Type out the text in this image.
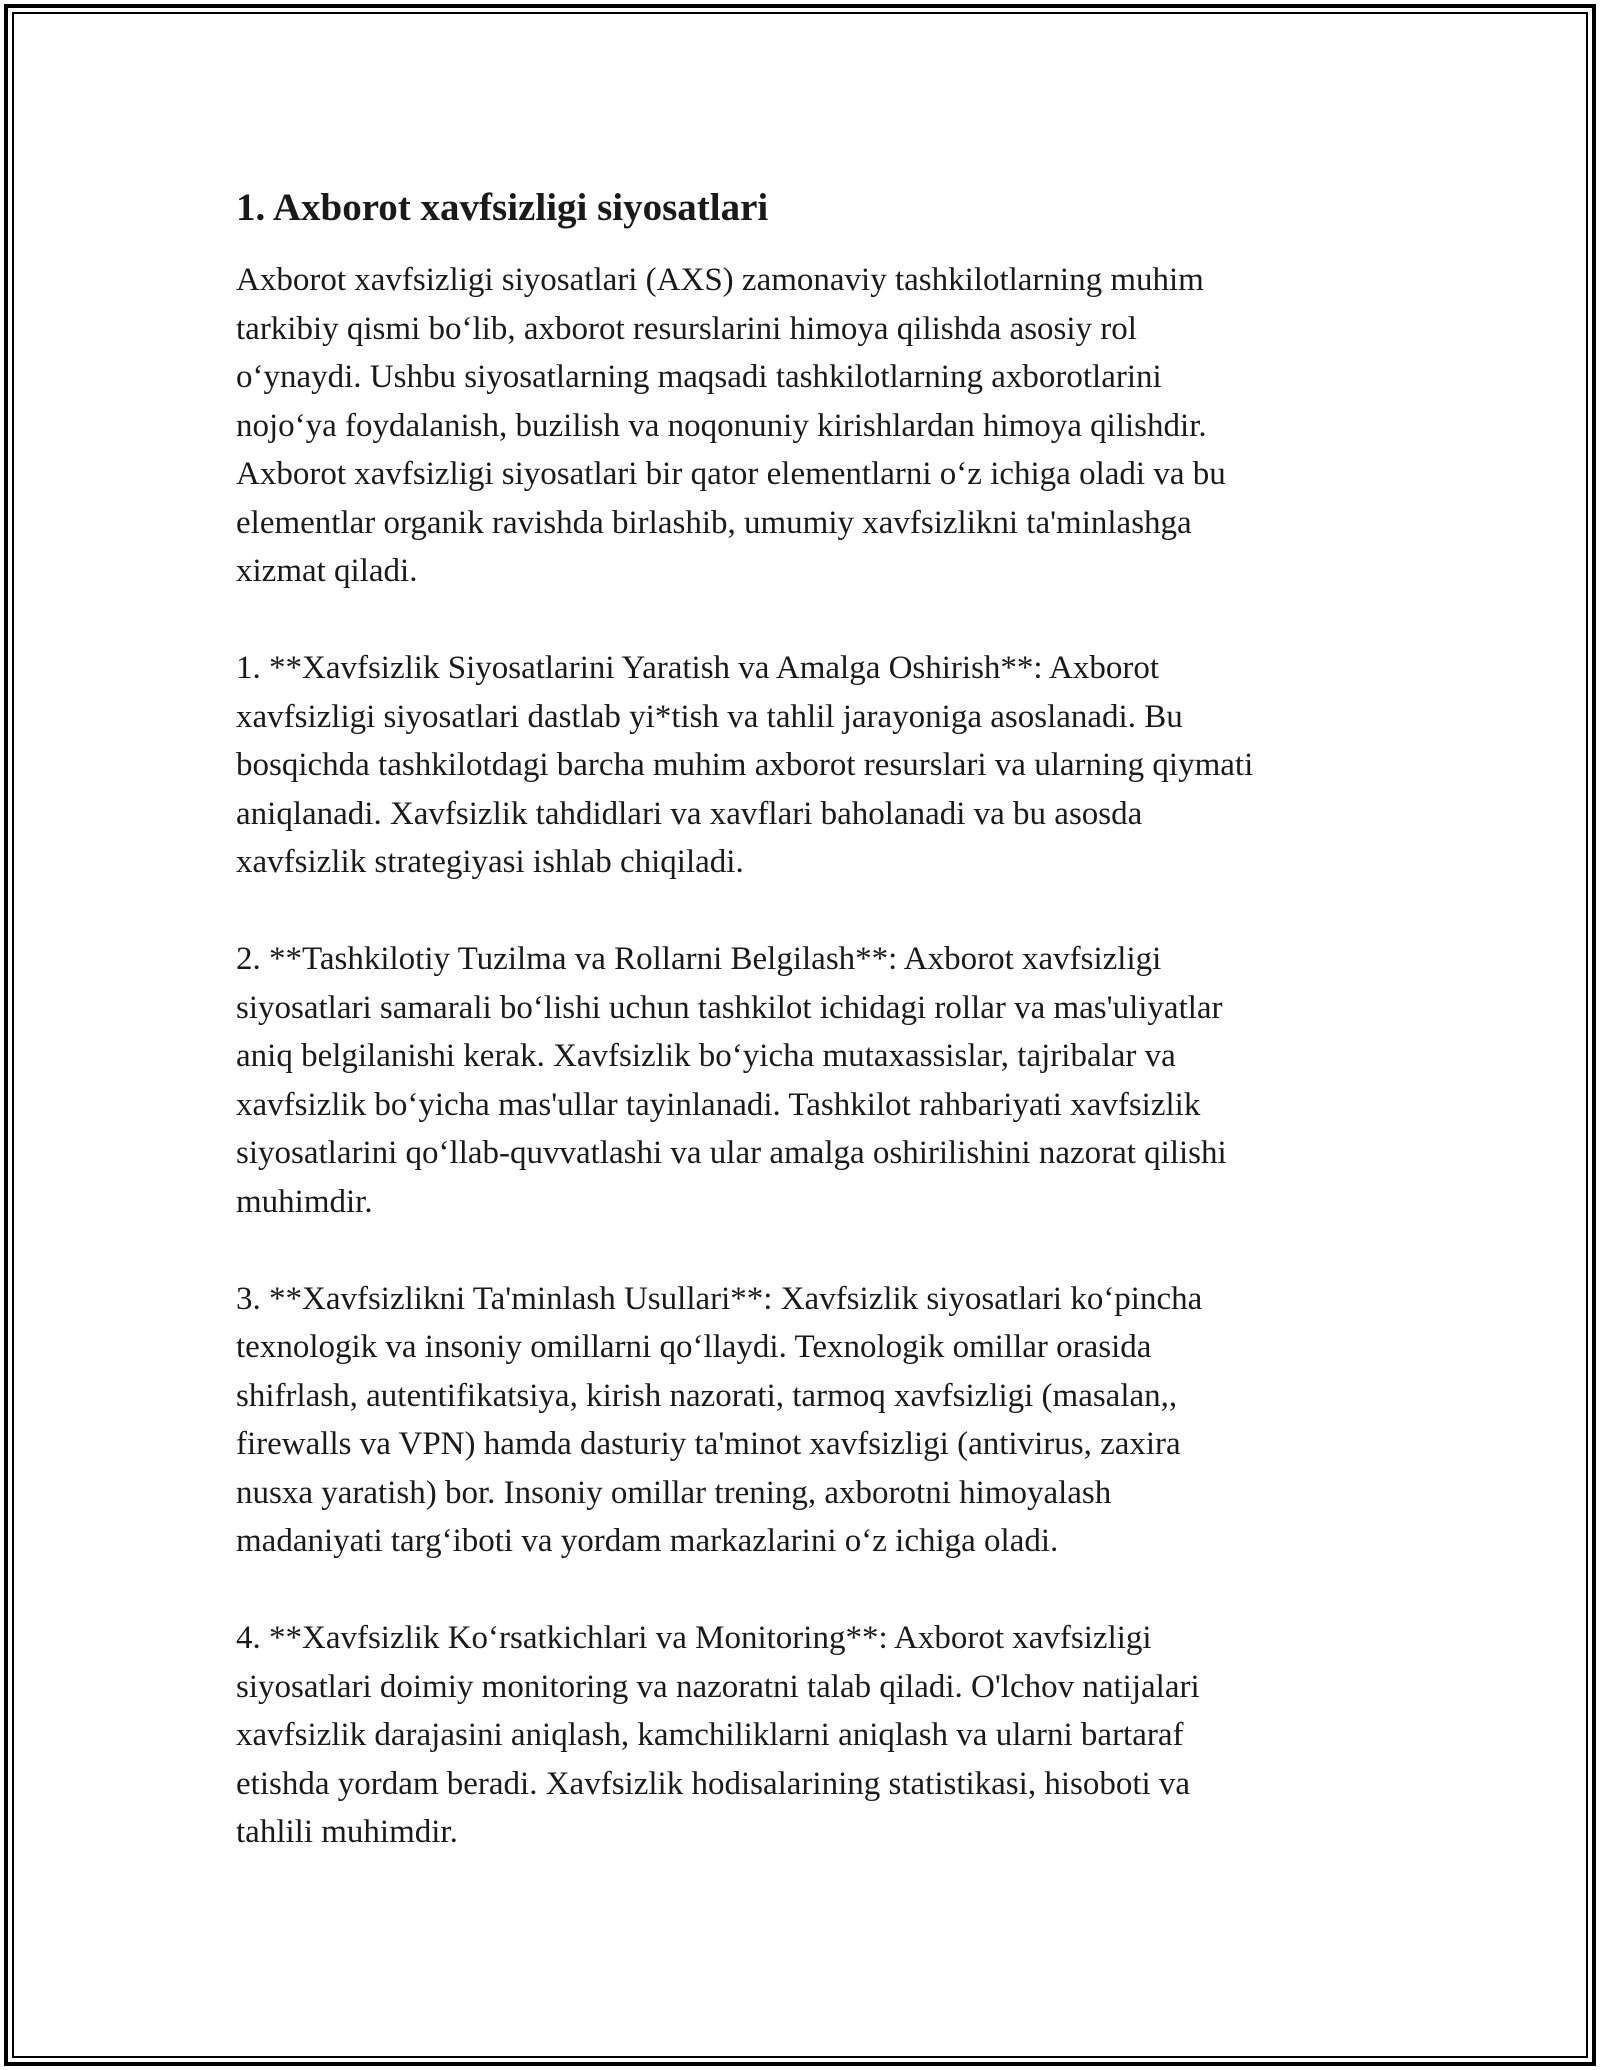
1. Axborot xavfsizligi siyosatlari

Axborot xavfsizligi siyosatlari (AXS) zamonaviy tashkilotlarning muhim
tarkibiy qismi bo‘lib, axborot resurslarini himoya qilishda asosiy rol
o‘ynaydi. Ushbu siyosatlarning maqsadi tashkilotlarning axborotlarini
nojo‘ya foydalanish, buzilish va noqonuniy kirishlardan himoya qilishdir.
Axborot xavfsizligi siyosatlari bir qator elementlarni o‘z ichiga oladi va bu
elementlar organik ravishda birlashib, umumiy xavfsizlikni ta'minlashga
xizmat qiladi.

1. **Xavfsizlik Siyosatlarini Yaratish va Amalga Oshirish**: Axborot
xavfsizligi siyosatlari dastlab yi*tish va tahlil jarayoniga asoslanadi. Bu
bosqichda tashkilotdagi barcha muhim axborot resurslari va ularning qiymati
aniqlanadi. Xavfsizlik tahdidlari va xavflari baholanadi va bu asosda
xavfsizlik strategiyasi ishlab chiqiladi.

2. **Tashkilotiy Tuzilma va Rollarni Belgilash**: Axborot xavfsizligi
siyosatlari samarali bo‘lishi uchun tashkilot ichidagi rollar va mas'uliyatlar
aniq belgilanishi kerak. Xavfsizlik bo‘yicha mutaxassislar, tajribalar va
xavfsizlik bo‘yicha mas'ullar tayinlanadi. Tashkilot rahbariyati xavfsizlik
siyosatlarini qo‘llab-quvvatlashi va ular amalga oshirilishini nazorat qilishi
muhimdir.

3. **Xavfsizlikni Ta'minlash Usullari**: Xavfsizlik siyosatlari ko‘pincha
texnologik va insoniy omillarni qo‘llaydi. Texnologik omillar orasida
shifrlash, autentifikatsiya, kirish nazorati, tarmoq xavfsizligi (masalan,,
firewalls va VPN) hamda dasturiy ta'minot xavfsizligi (antivirus, zaxira
nusxa yaratish) bor. Insoniy omillar trening, axborotni himoyalash
madaniyati targ‘iboti va yordam markazlarini o‘z ichiga oladi.

4. **Xavfsizlik Ko‘rsatkichlari va Monitoring**: Axborot xavfsizligi
siyosatlari doimiy monitoring va nazoratni talab qiladi. O'lchov natijalari
xavfsizlik darajasini aniqlash, kamchiliklarni aniqlash va ularni bartaraf
etishda yordam beradi. Xavfsizlik hodisalarining statistikasi, hisoboti va
tahlili muhimdir.
